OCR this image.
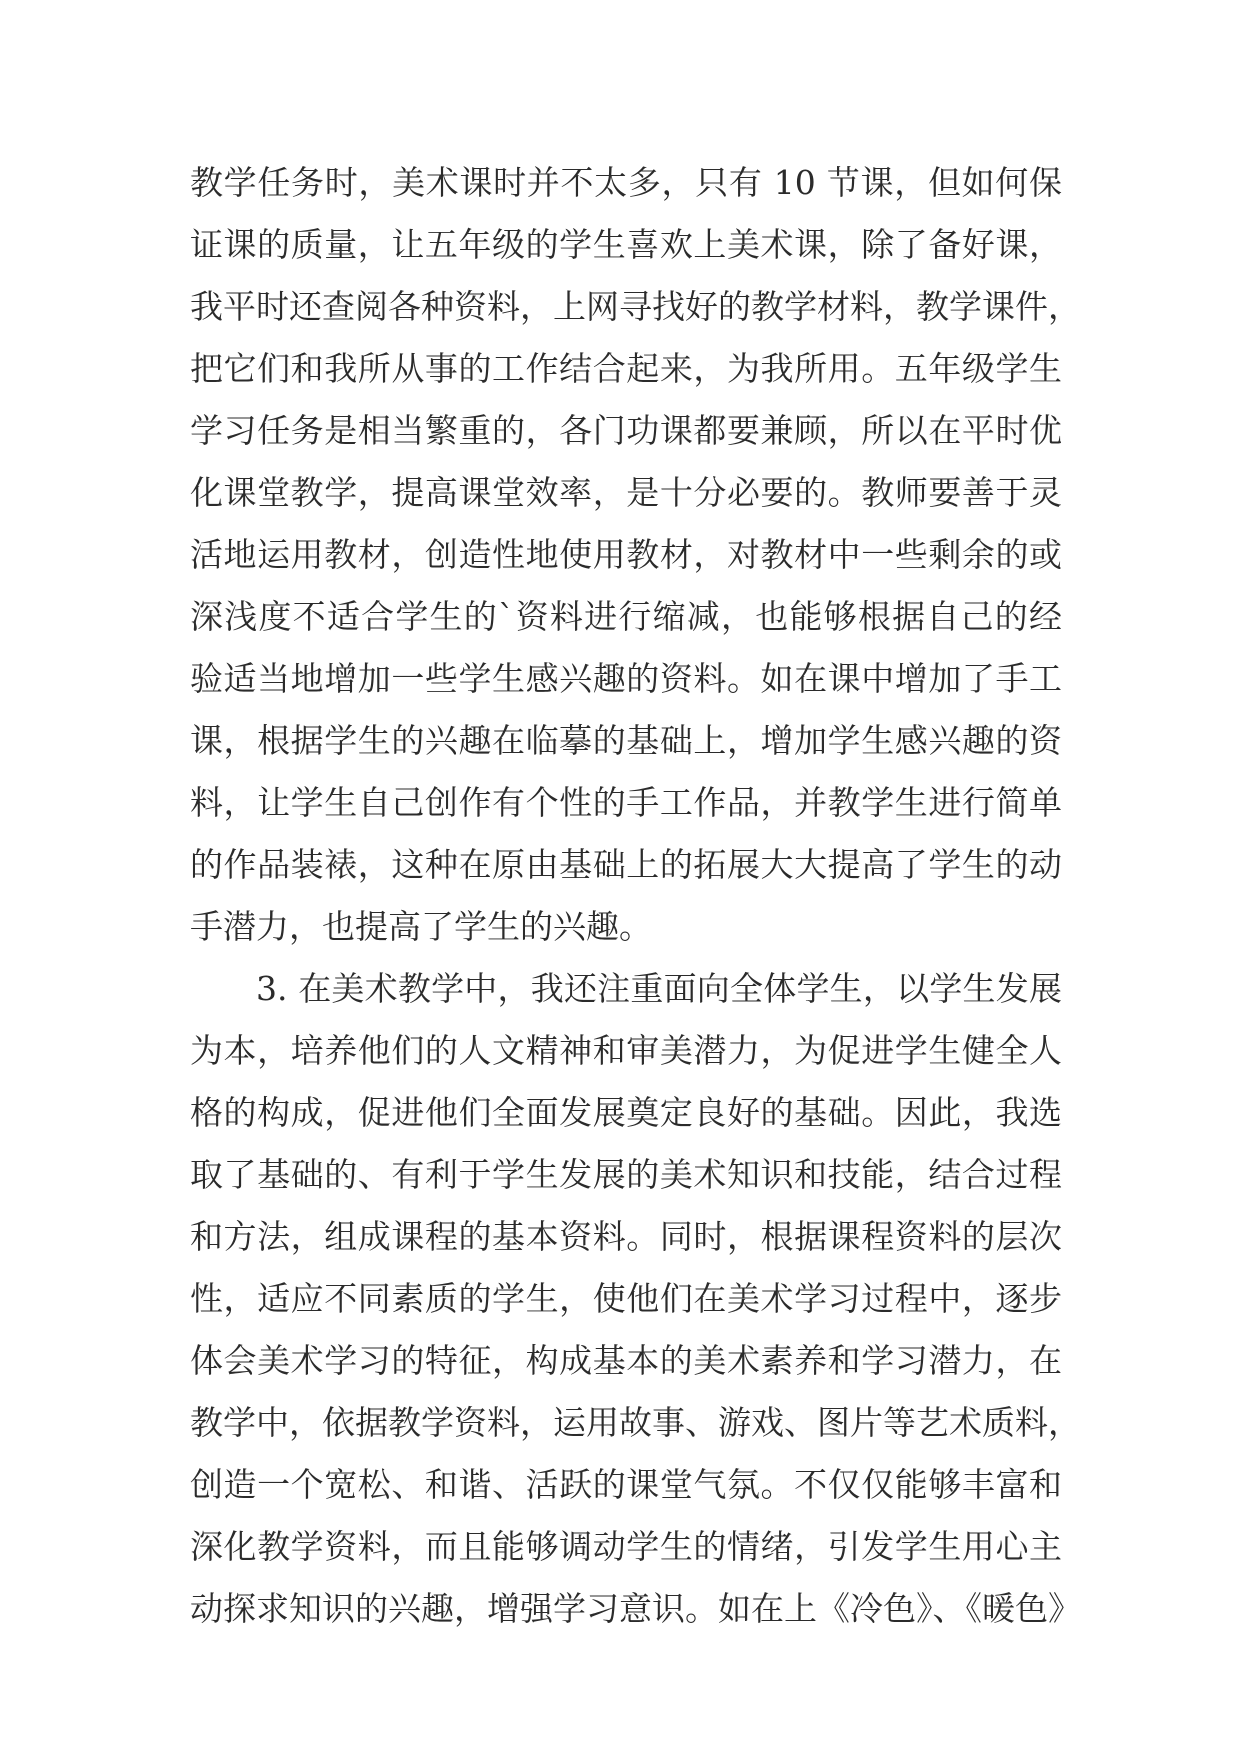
教学任务时，美术课时并不太多，只有 10 节课，但如何保
证课的质量，让五年级的学生喜欢上美术课，除了备好课，
我平时还查阅各种资料，上网寻找好的教学材料，教学课件，
把它们和我所从事的工作结合起来，为我所用。五年级学生
学习任务是相当繁重的，各门功课都要兼顾，所以在平时优
化课堂教学，提高课堂效率，是十分必要的。教师要善于灵
活地运用教材，创造性地使用教材，对教材中一些剩余的或
深浅度不适合学生的`资料进行缩减，也能够根据自己的经
验适当地增加一些学生感兴趣的资料。如在课中增加了手工
课，根据学生的兴趣在临摹的基础上，增加学生感兴趣的资
料，让学生自己创作有个性的手工作品，并教学生进行简单
的作品装裱，这种在原由基础上的拓展大大提高了学生的动
手潜力，也提高了学生的兴趣。
3. 在美术教学中，我还注重面向全体学生，以学生发展
为本，培养他们的人文精神和审美潜力，为促进学生健全人
格的构成，促进他们全面发展奠定良好的基础。因此，我选
取了基础的、有利于学生发展的美术知识和技能，结合过程
和方法，组成课程的基本资料。同时，根据课程资料的层次
性，适应不同素质的学生，使他们在美术学习过程中，逐步
体会美术学习的特征，构成基本的美术素养和学习潜力，在
教学中，依据教学资料，运用故事、游戏、图片等艺术质料，
创造一个宽松、和谐、活跃的课堂气氛。不仅仅能够丰富和
深化教学资料，而且能够调动学生的情绪，引发学生用心主
动探求知识的兴趣，增强学习意识。如在上《冷色》、《暖色》
